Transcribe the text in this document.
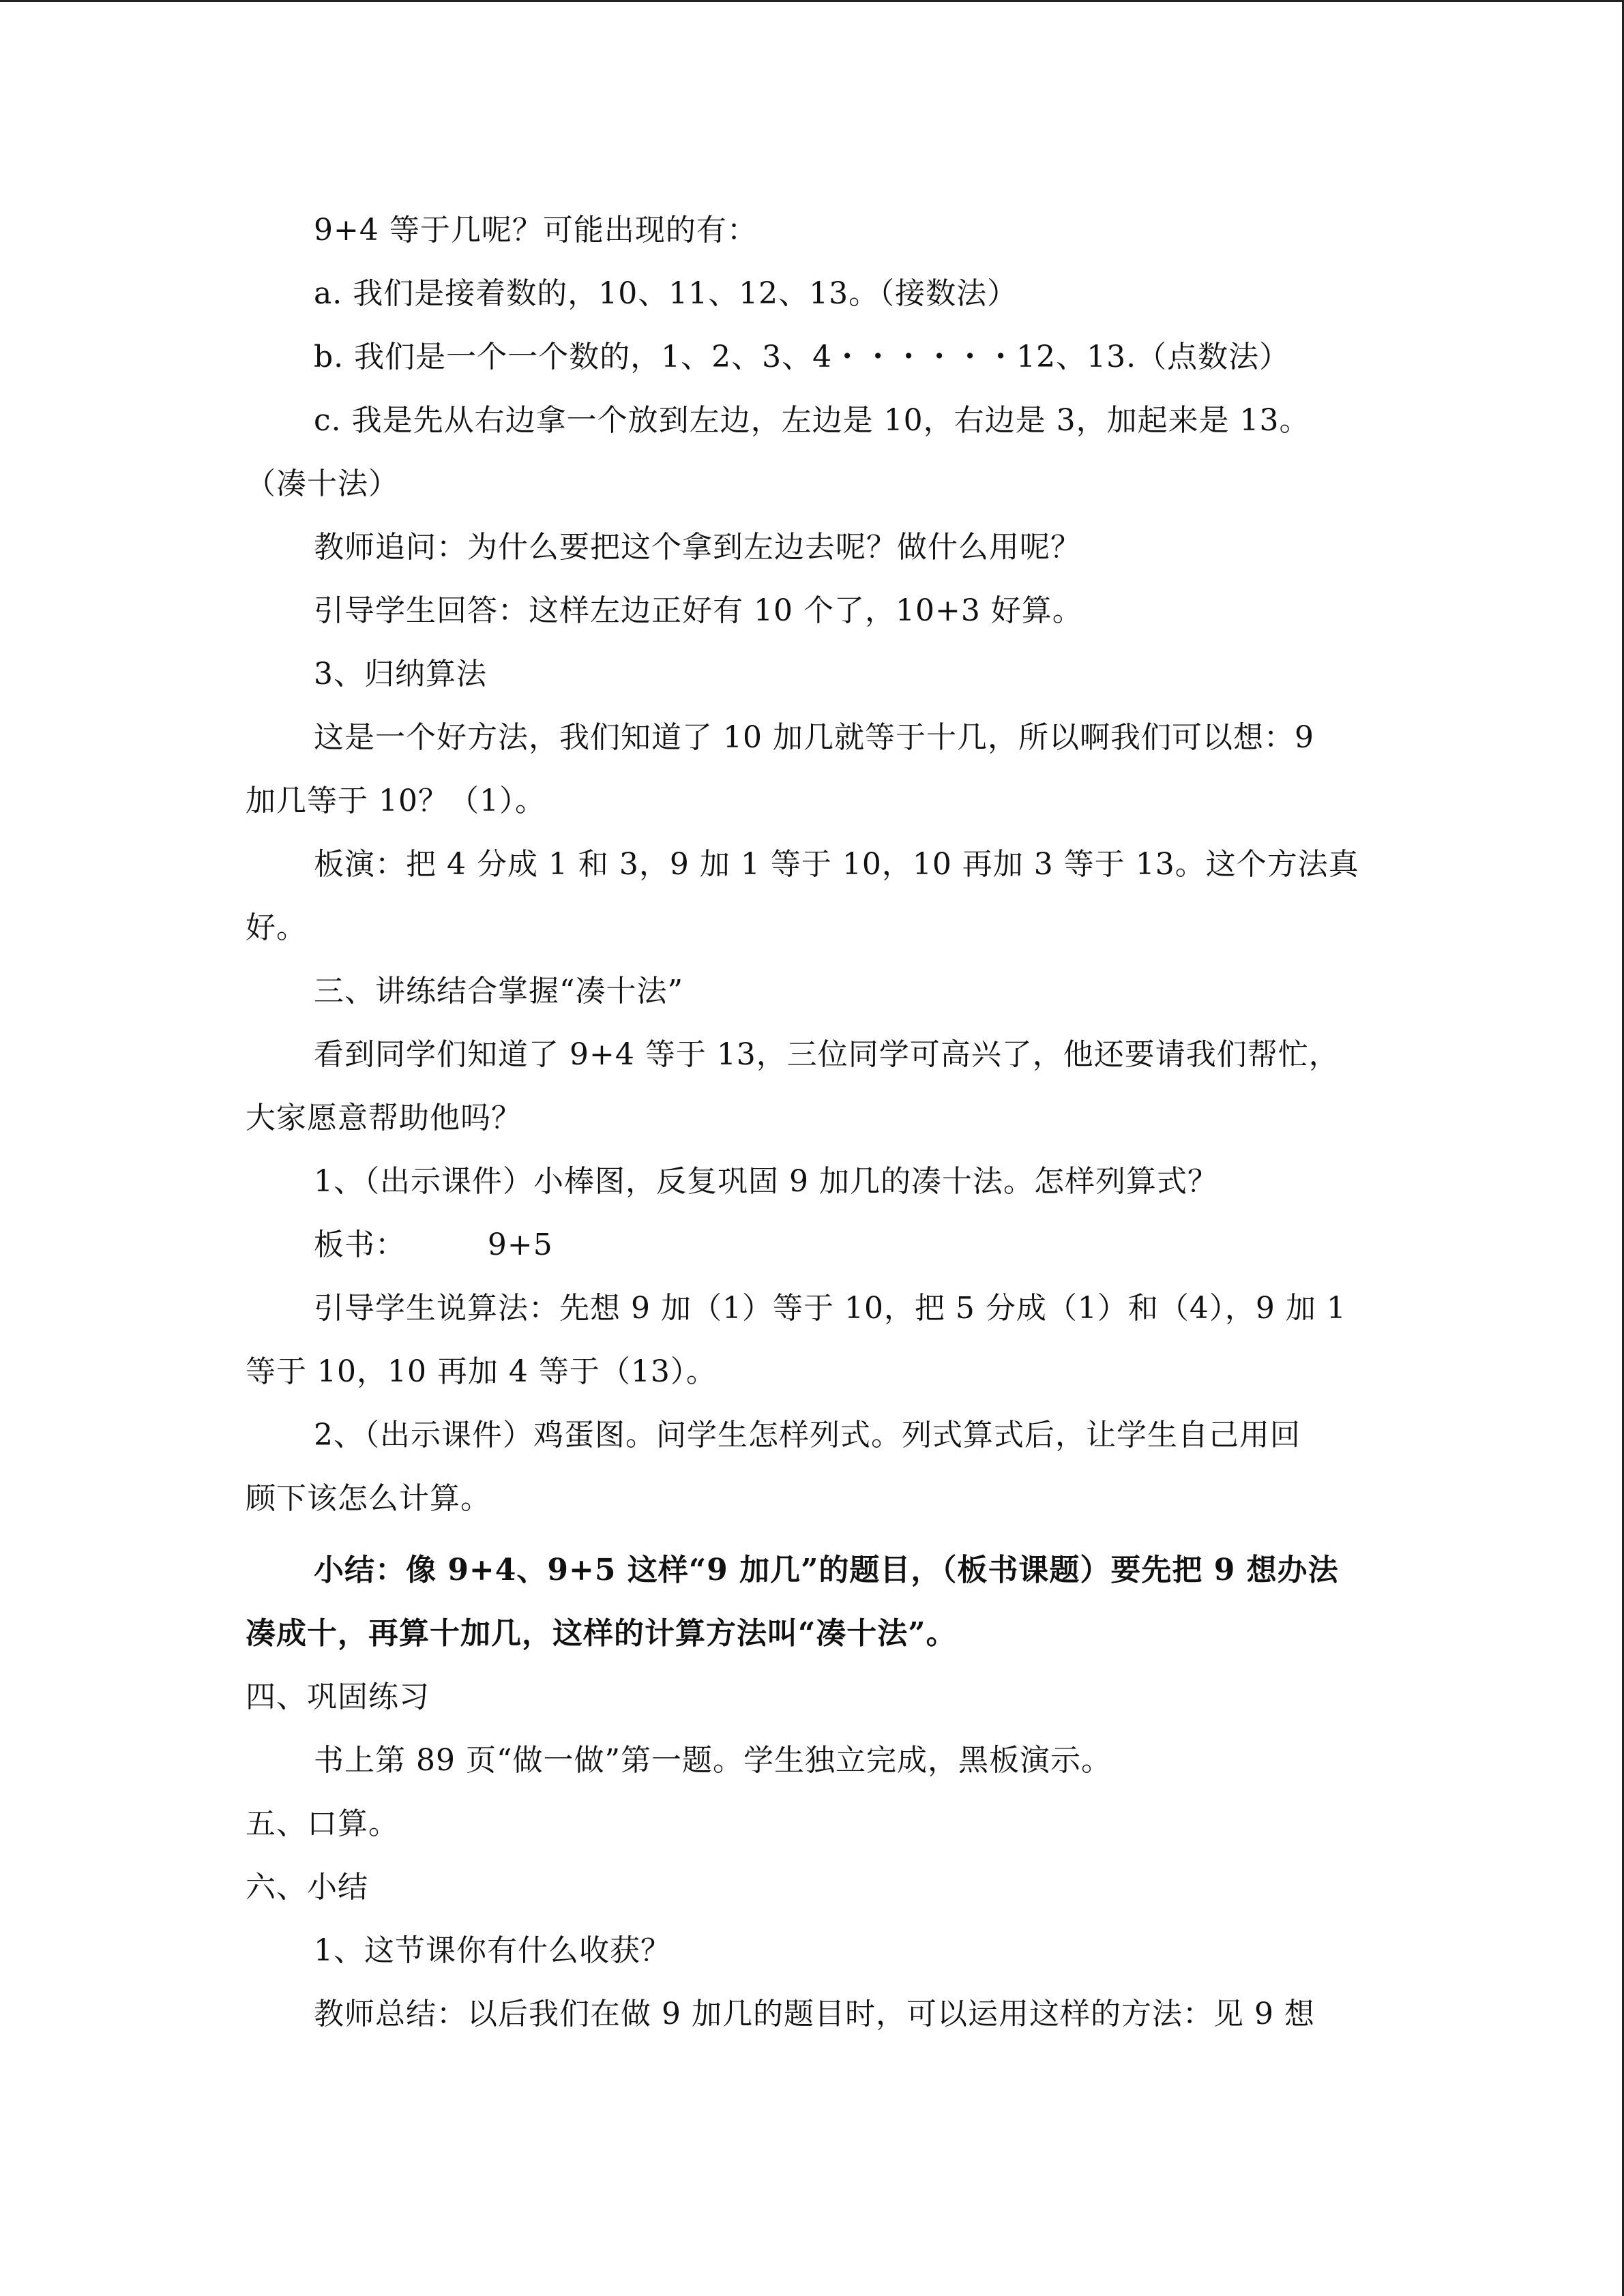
9+4 等于几呢？可能出现的有：
a. 我们是接着数的，10、11、12、13。（接数法）
b. 我们是一个一个数的，1、2、3、4・・・・・・12、13.（点数法）
c. 我是先从右边拿一个放到左边，左边是 10，右边是 3，加起来是 13。
（凑十法）
教师追问：为什么要把这个拿到左边去呢？做什么用呢？
引导学生回答：这样左边正好有 10 个了，10+3 好算。
3、归纳算法
这是一个好方法，我们知道了 10 加几就等于十几，所以啊我们可以想：9
加几等于 10？（1）。
板演：把 4 分成 1 和 3，9 加 1 等于 10，10 再加 3 等于 13。这个方法真
好。
三、讲练结合掌握“凑十法”
看到同学们知道了 9+4 等于 13，三位同学可高兴了，他还要请我们帮忙，
大家愿意帮助他吗？
1、（出示课件）小棒图，反复巩固 9 加几的凑十法。怎样列算式？
板书：        9+5
引导学生说算法：先想 9 加（1）等于 10，把 5 分成（1）和（4），9 加 1
等于 10，10 再加 4 等于（13）。
2、（出示课件）鸡蛋图。问学生怎样列式。列式算式后，让学生自己用回
顾下该怎么计算。
小结：像 9+4、9+5 这样“9 加几”的题目，（板书课题）要先把 9 想办法
凑成十，再算十加几，这样的计算方法叫“凑十法”。
四、巩固练习
书上第 89 页“做一做”第一题。学生独立完成，黑板演示。
五、口算。
六、小结
1、这节课你有什么收获？
教师总结：以后我们在做 9 加几的题目时，可以运用这样的方法：见 9 想
